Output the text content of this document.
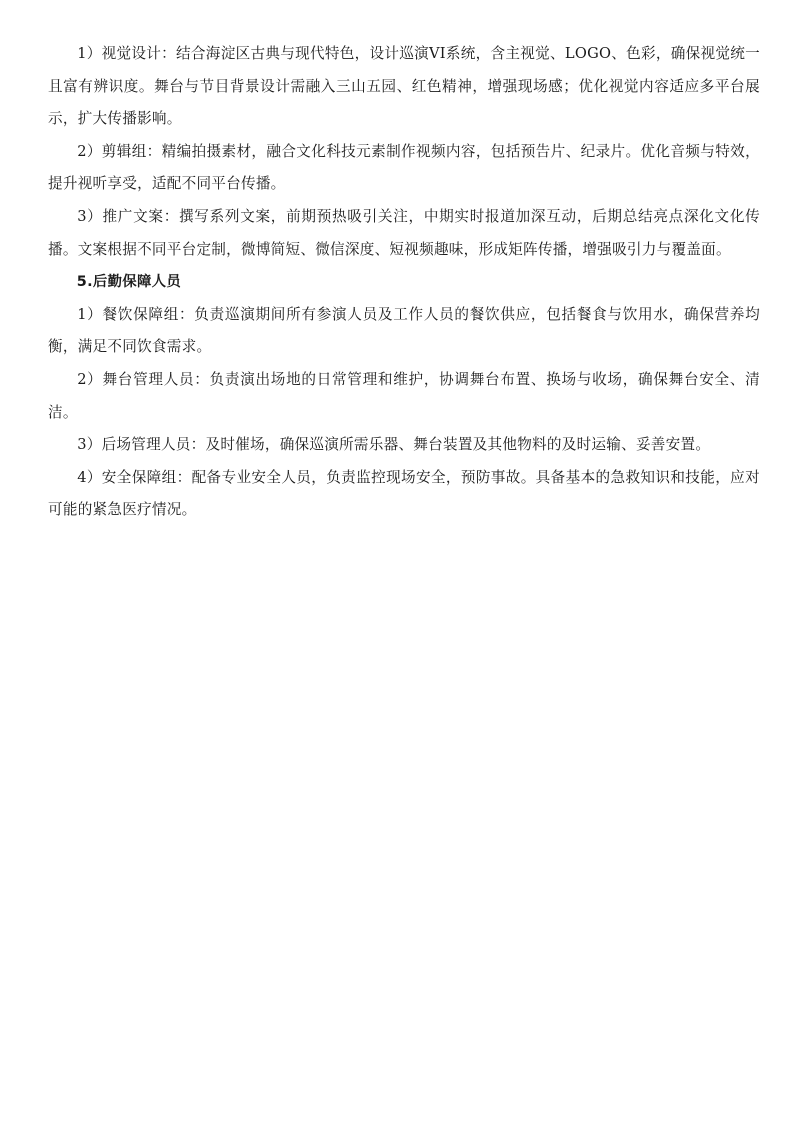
1）视觉设计：结合海淀区古典与现代特色，设计巡演VI系统，含主视觉、LOGO、色彩，确保视觉统一且富有辨识度。舞台与节目背景设计需融入三山五园、红色精神，增强现场感；优化视觉内容适应多平台展示，扩大传播影响。

2）剪辑组：精编拍摄素材，融合文化科技元素制作视频内容，包括预告片、纪录片。优化音频与特效，提升视听享受，适配不同平台传播。

3）推广文案：撰写系列文案，前期预热吸引关注，中期实时报道加深互动，后期总结亮点深化文化传播。文案根据不同平台定制，微博简短、微信深度、短视频趣味，形成矩阵传播，增强吸引力与覆盖面。

5.后勤保障人员

1）餐饮保障组：负责巡演期间所有参演人员及工作人员的餐饮供应，包括餐食与饮用水，确保营养均衡，满足不同饮食需求。

2）舞台管理人员：负责演出场地的日常管理和维护，协调舞台布置、换场与收场，确保舞台安全、清洁。

3）后场管理人员：及时催场，确保巡演所需乐器、舞台装置及其他物料的及时运输、妥善安置。

4）安全保障组：配备专业安全人员，负责监控现场安全，预防事故。具备基本的急救知识和技能，应对可能的紧急医疗情况。
